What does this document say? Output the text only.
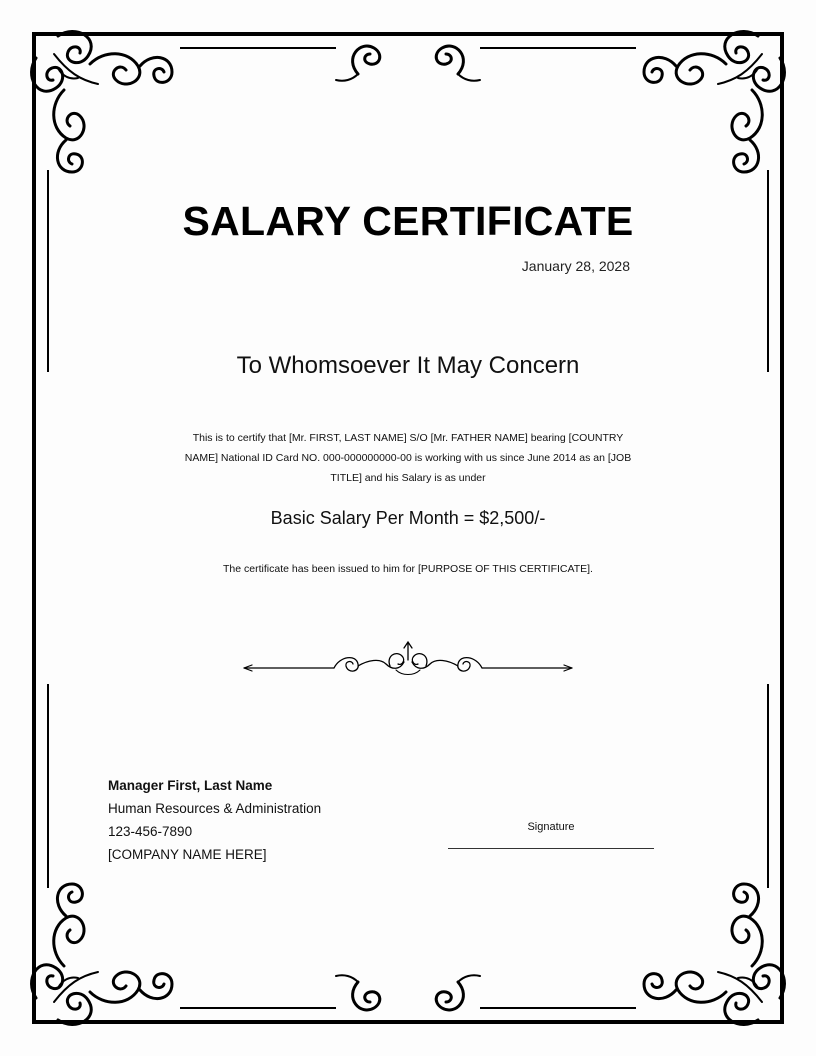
SALARY CERTIFICATE
January 28, 2028
To Whomsoever It May Concern
This is to certify that [Mr. FIRST, LAST NAME] S/O [Mr. FATHER NAME] bearing [COUNTRY
NAME] National ID Card NO. 000-000000000-00 is working with us since June 2014 as an [JOB
TITLE] and his Salary is as under
Basic Salary Per Month = $2,500/-
The certificate has been issued to him for [PURPOSE OF THIS CERTIFICATE].
Manager First, Last Name
Human Resources & Administration
123-456-7890
[COMPANY NAME HERE]
Signature
